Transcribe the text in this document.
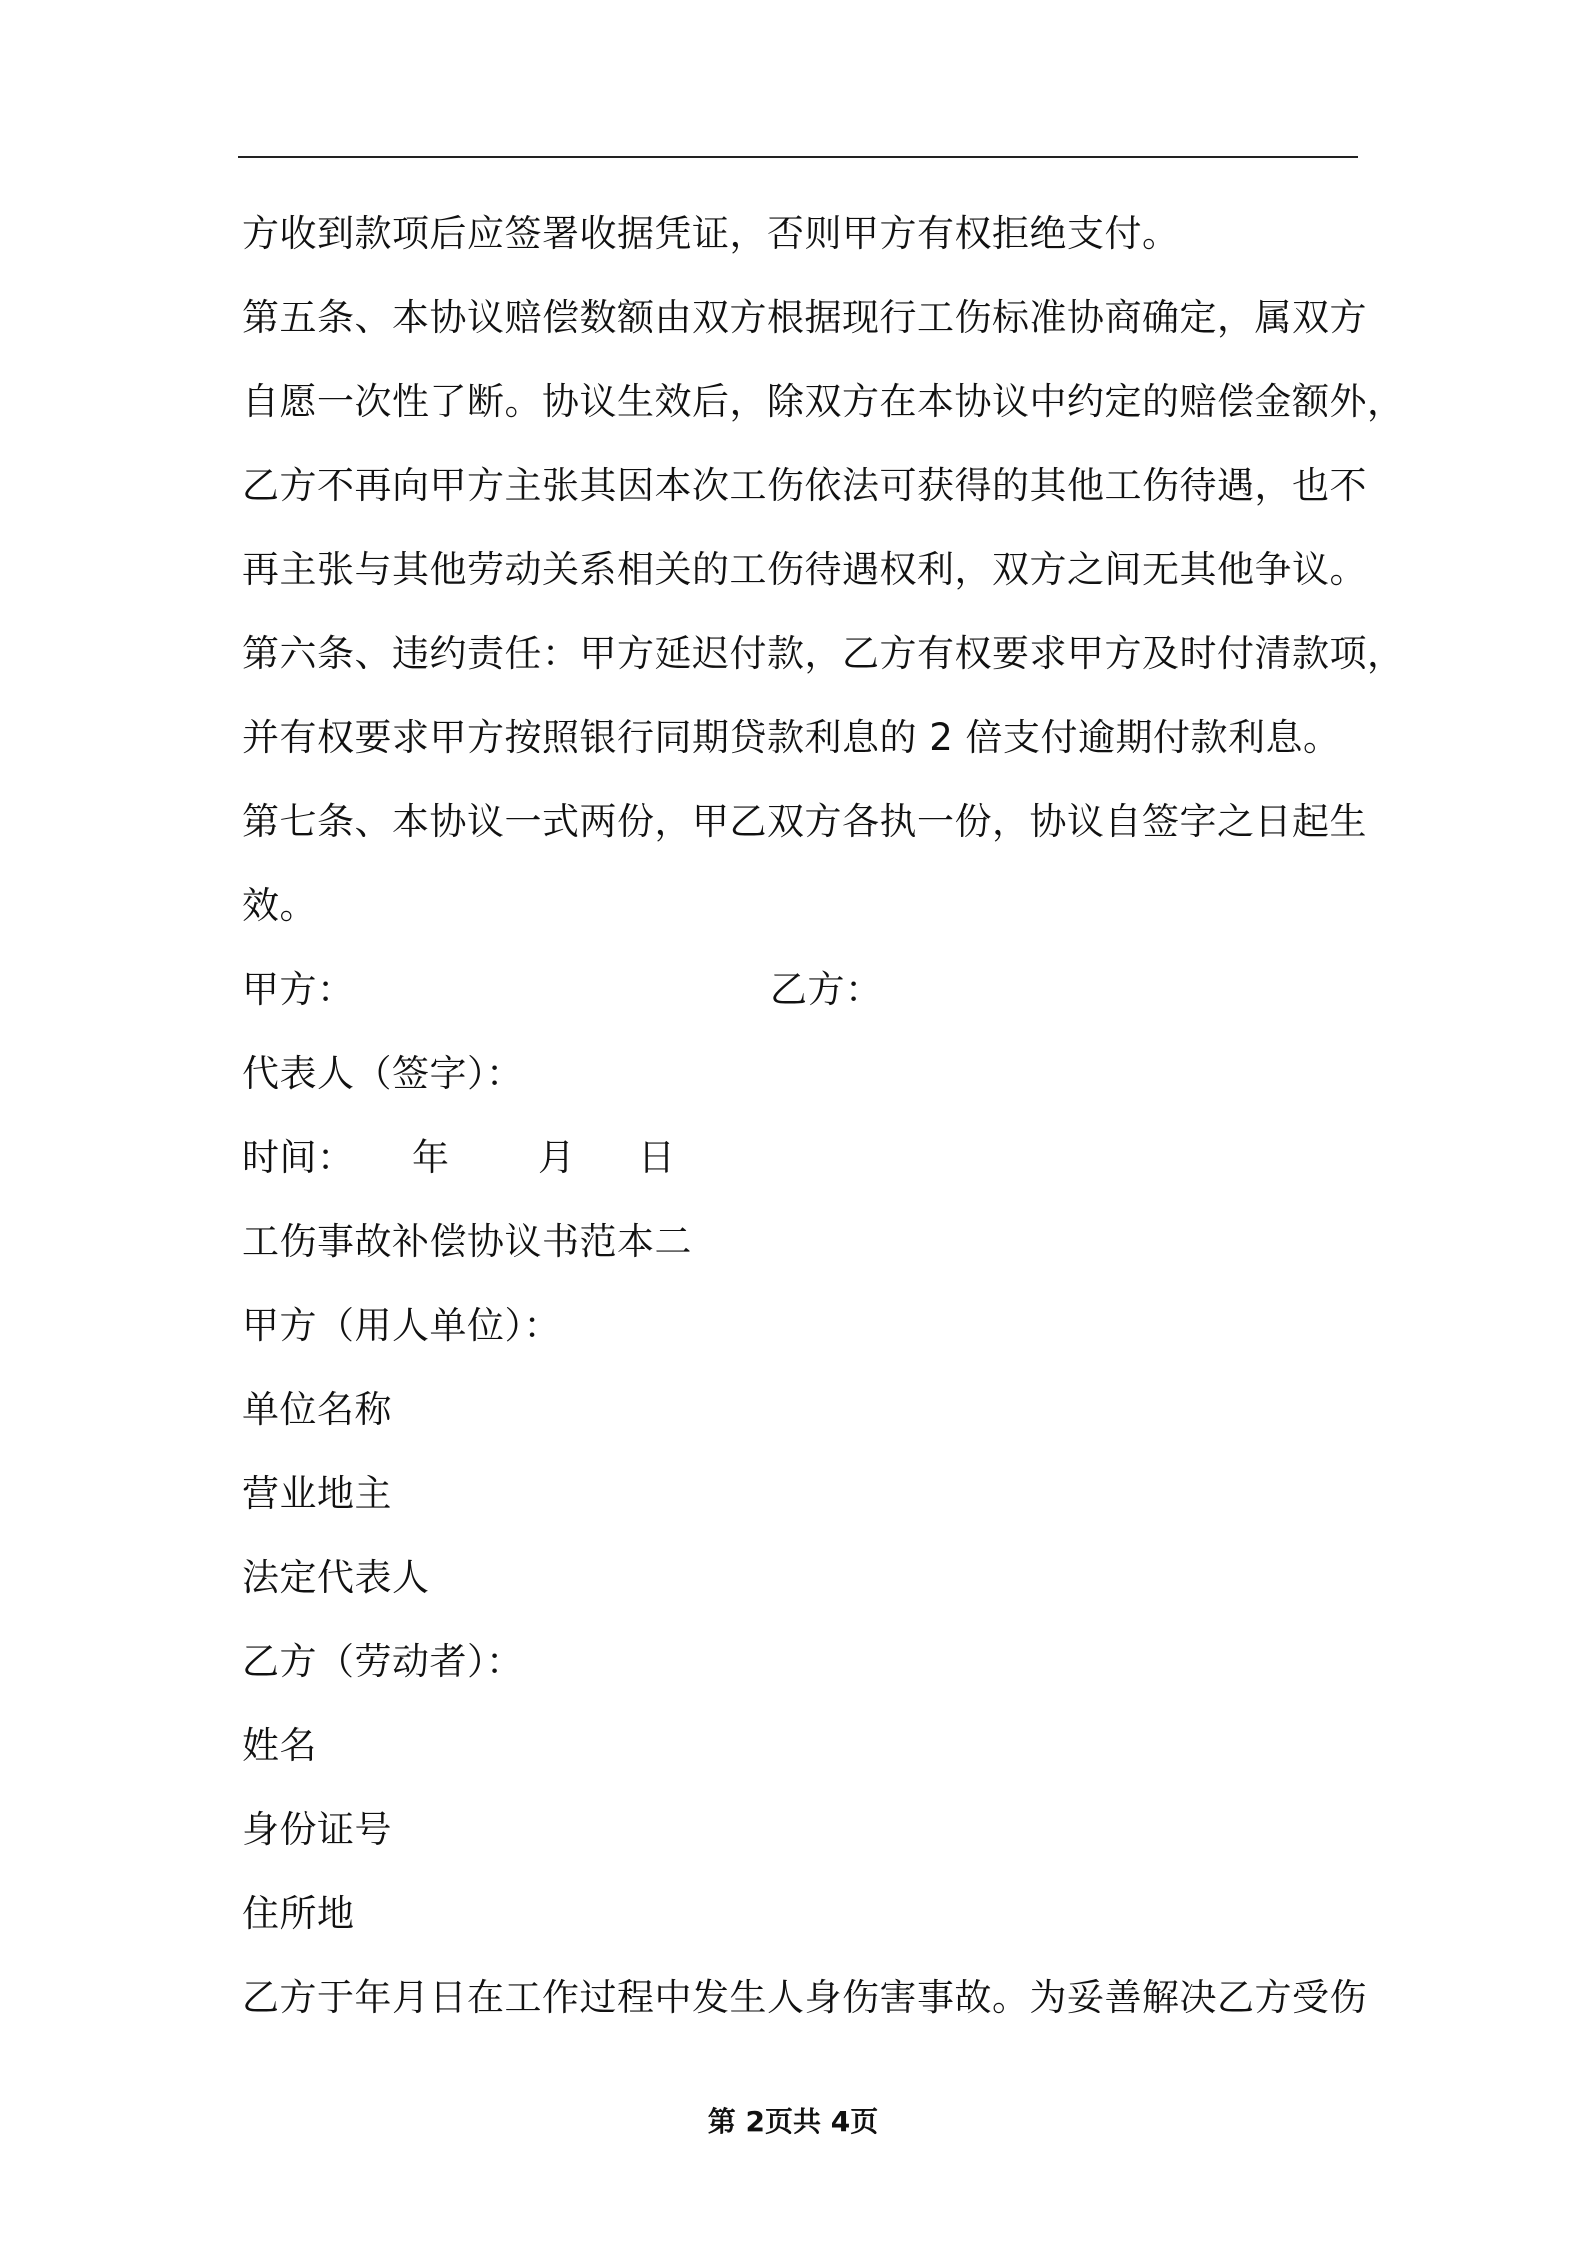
方收到款项后应签署收据凭证，否则甲方有权拒绝支付。
第五条、本协议赔偿数额由双方根据现行工伤标准协商确定，属双方
自愿一次性了断。协议生效后，除双方在本协议中约定的赔偿金额外，
乙方不再向甲方主张其因本次工伤依法可获得的其他工伤待遇，也不
再主张与其他劳动关系相关的工伤待遇权利，双方之间无其他争议。
第六条、违约责任：甲方延迟付款，乙方有权要求甲方及时付清款项，
并有权要求甲方按照银行同期贷款利息的 2 倍支付逾期付款利息。
第七条、本协议一式两份，甲乙双方各执一份，协议自签字之日起生
效。
甲方：	乙方：
代表人（签字）：
时间： 年 月 日
工伤事故补偿协议书范本二
甲方（用人单位）：
单位名称
营业地主
法定代表人
乙方（劳动者）：
姓名
身份证号
住所地
乙方于年月日在工作过程中发生人身伤害事故。为妥善解决乙方受伤
第 2页共 4页
